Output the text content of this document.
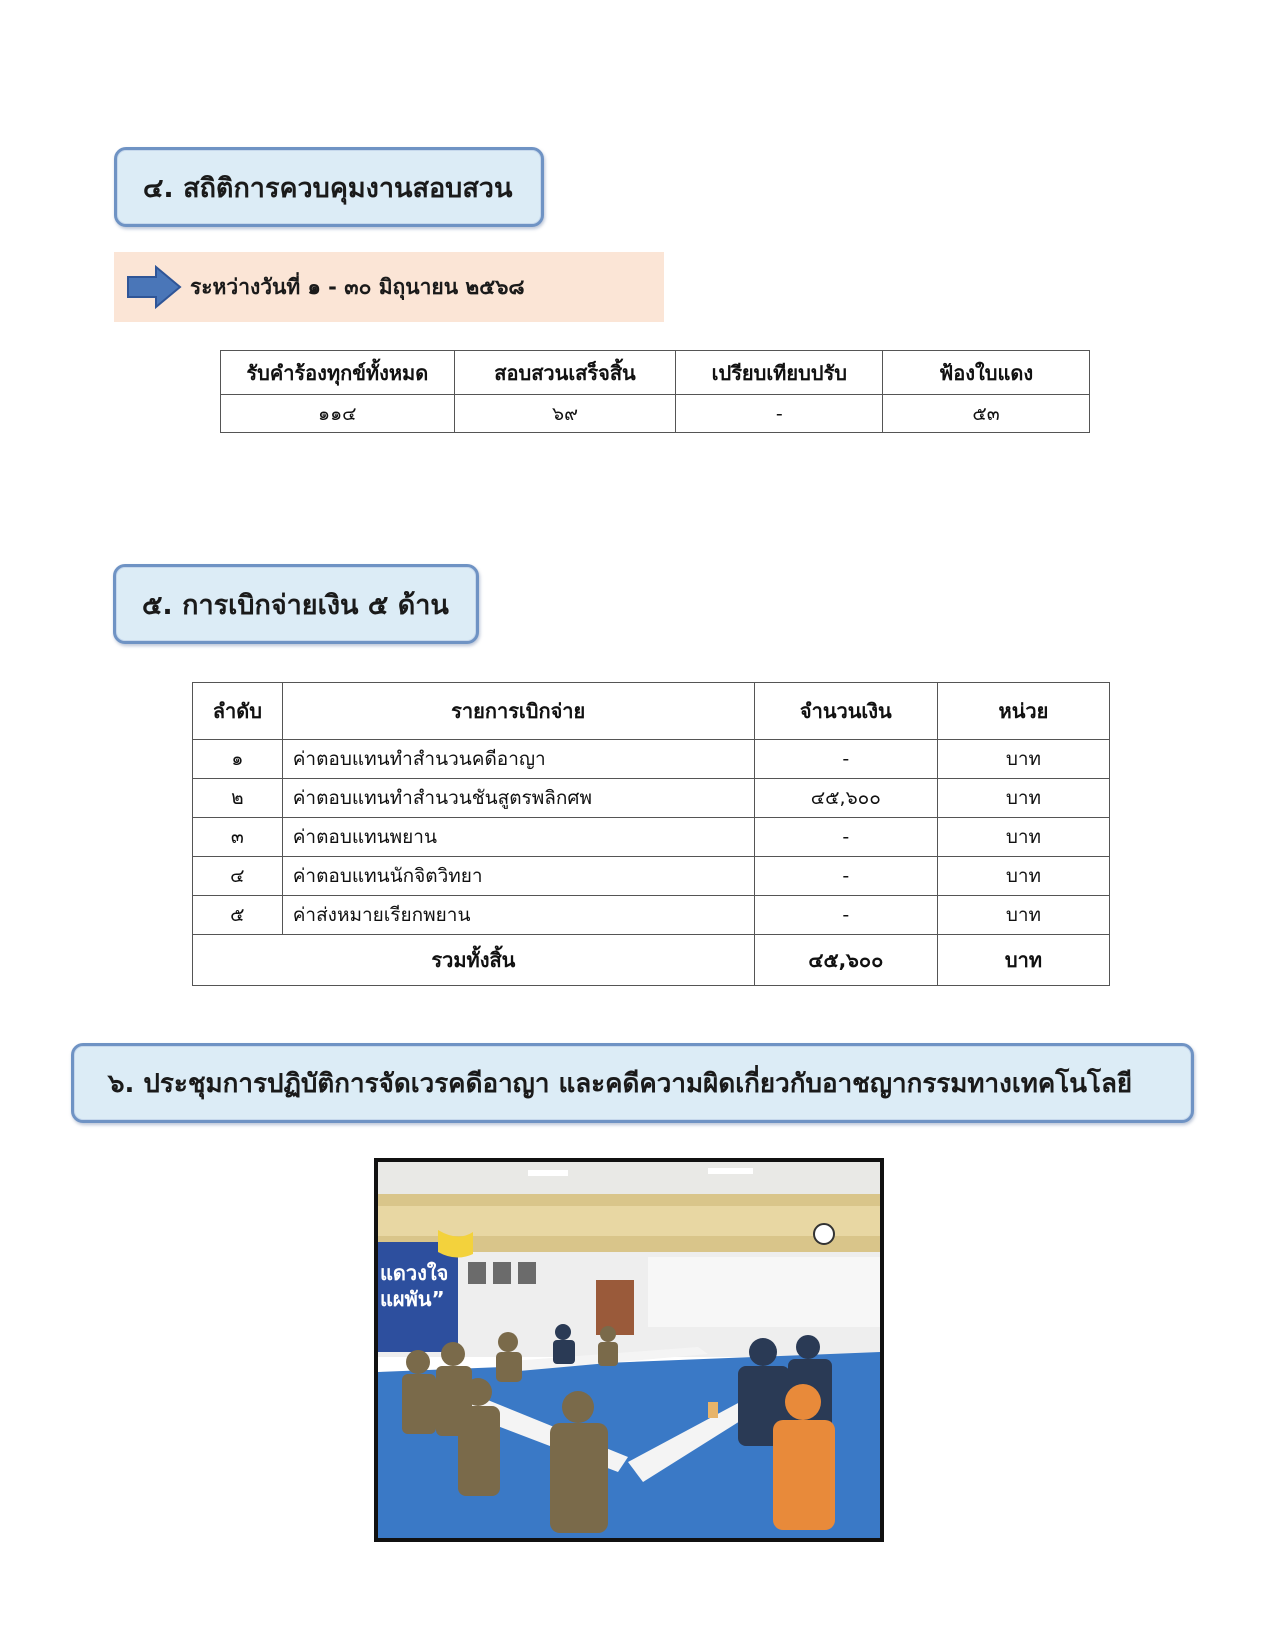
๔. สถิติการควบคุมงานสอบสวน
ระหว่างวันที่ ๑ - ๓๐ มิถุนายน ๒๕๖๘
รับคำร้องทุกข์ทั้งหมด	สอบสวนเสร็จสิ้น	เปรียบเทียบปรับ	ฟ้องใบแดง
๑๑๔	๖๙	-	๕๓
๕. การเบิกจ่ายเงิน ๕ ด้าน
ลำดับ	รายการเบิกจ่าย	จำนวนเงิน	หน่วย
๑	ค่าตอบแทนทำสำนวนคดีอาญา	-	บาท
๒	ค่าตอบแทนทำสำนวนชันสูตรพลิกศพ	๔๕,๖๐๐	บาท
๓	ค่าตอบแทนพยาน	-	บาท
๔	ค่าตอบแทนนักจิตวิทยา	-	บาท
๕	ค่าส่งหมายเรียกพยาน	-	บาท
รวมทั้งสิ้น		๔๕,๖๐๐	บาท
๖. ประชุมการปฏิบัติการจัดเวรคดีอาญา และคดีความผิดเกี่ยวกับอาชญากรรมทางเทคโนโลยี
แดวงใจ
แผพัน”
